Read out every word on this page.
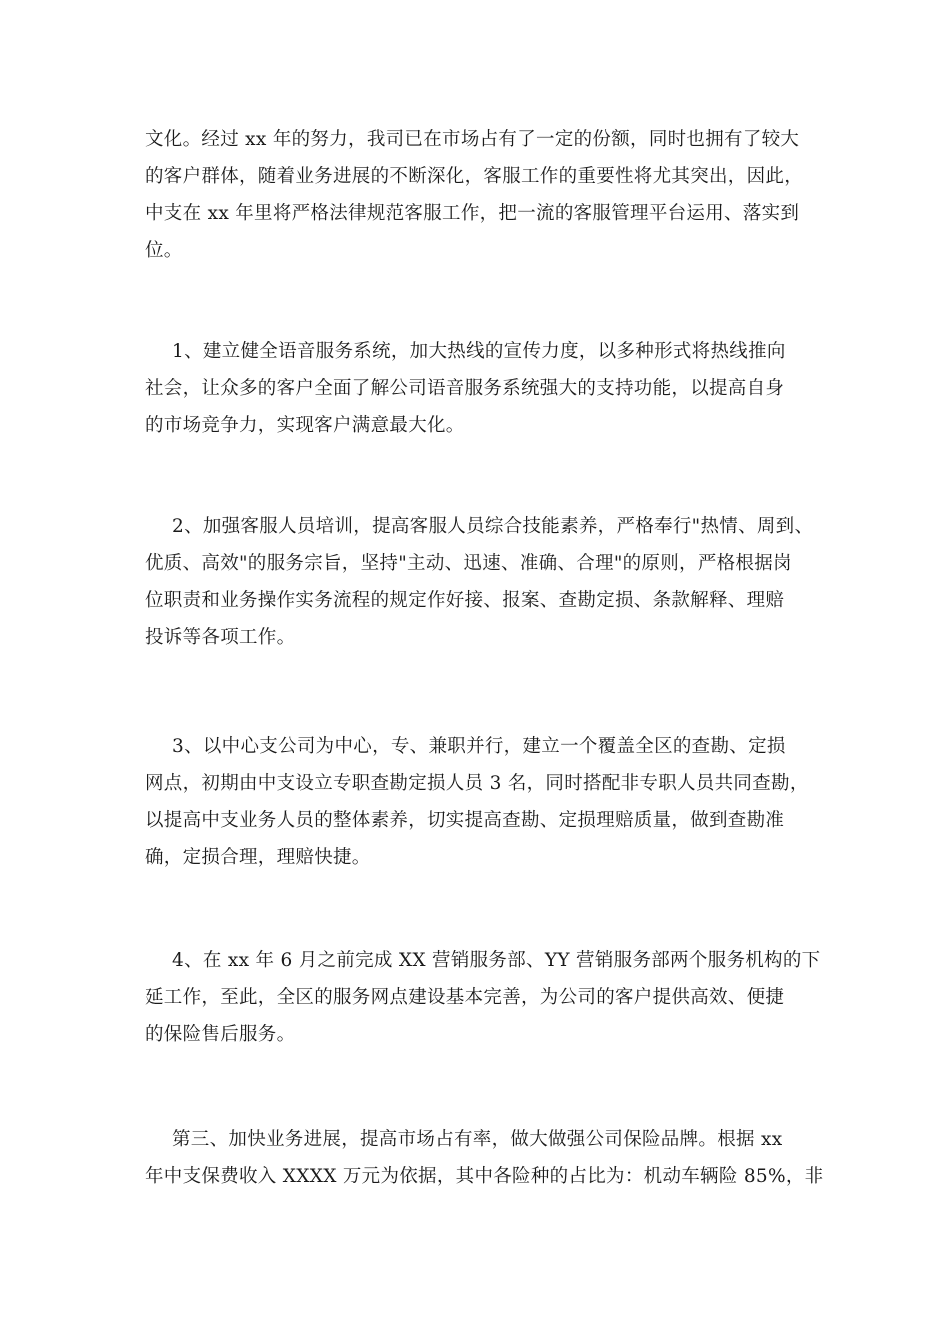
文化。经过 xx 年的努力，我司已在市场占有了一定的份额，同时也拥有了较大
的客户群体，随着业务进展的不断深化，客服工作的重要性将尤其突出，因此，
中支在 xx 年里将严格法律规范客服工作，把一流的客服管理平台运用、落实到
位。
1、建立健全语音服务系统，加大热线的宣传力度，以多种形式将热线推向
社会，让众多的客户全面了解公司语音服务系统强大的支持功能，以提高自身
的市场竞争力，实现客户满意最大化。
2、加强客服人员培训，提高客服人员综合技能素养，严格奉行"热情、周到、
优质、高效"的服务宗旨，坚持"主动、迅速、准确、合理"的原则，严格根据岗
位职责和业务操作实务流程的规定作好接、报案、查勘定损、条款解释、理赔
投诉等各项工作。
3、以中心支公司为中心，专、兼职并行，建立一个覆盖全区的查勘、定损
网点，初期由中支设立专职查勘定损人员 3 名，同时搭配非专职人员共同查勘，
以提高中支业务人员的整体素养，切实提高查勘、定损理赔质量，做到查勘准
确，定损合理，理赔快捷。
4、在 xx 年 6 月之前完成 XX 营销服务部、YY 营销服务部两个服务机构的下
延工作，至此，全区的服务网点建设基本完善，为公司的客户提供高效、便捷
的保险售后服务。
第三、加快业务进展，提高市场占有率，做大做强公司保险品牌。根据 xx
年中支保费收入 XXXX 万元为依据，其中各险种的占比为：机动车辆险 85%，非
